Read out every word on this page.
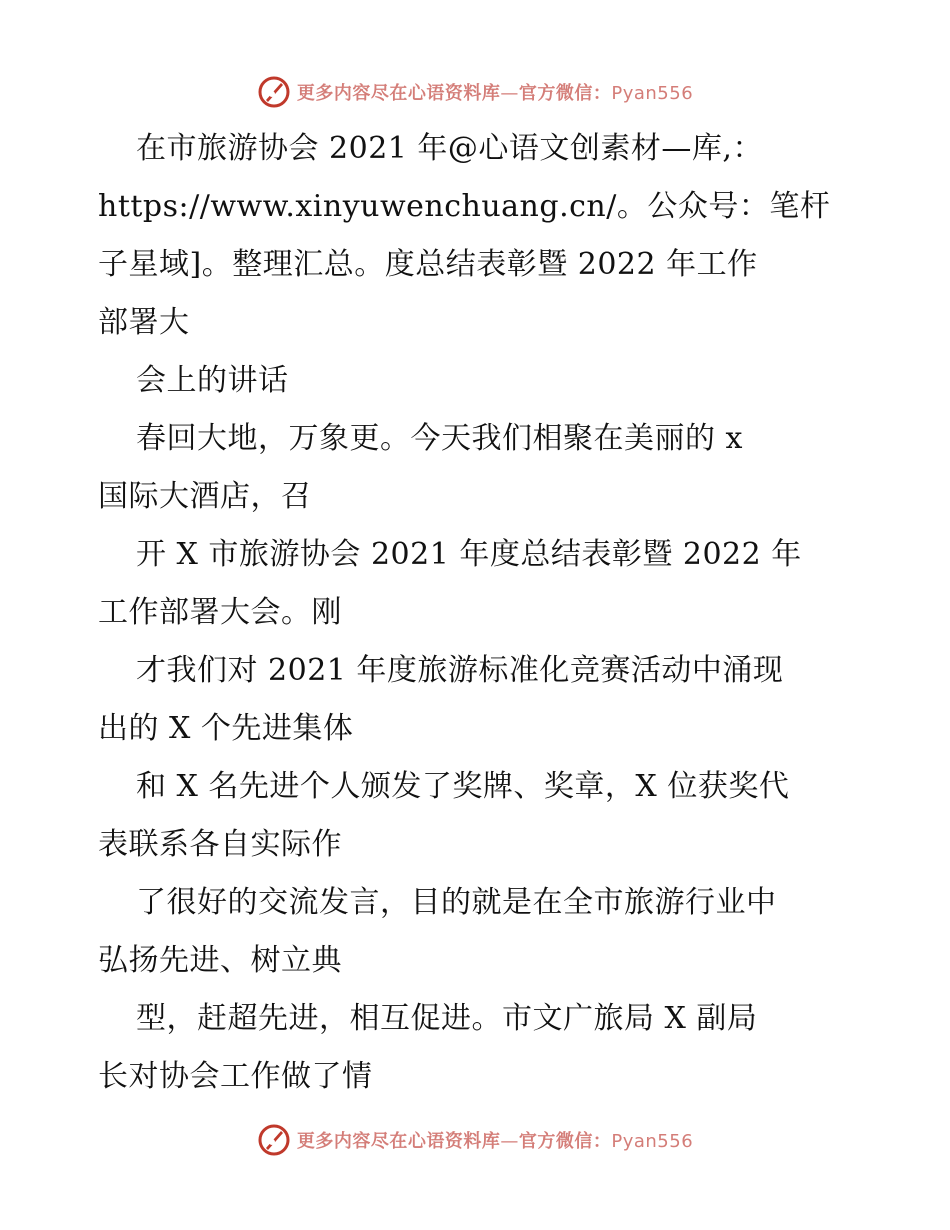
更多内容尽在心语资料库—官方微信：Pyan556
在市旅游协会 2021 年@心语文创素材—库,：
https://www.xinyuwenchuang.cn/。公众号：笔杆
子星域]。整理汇总。度总结表彰暨 2022 年工作
部署大
会上的讲话
春回大地，万象更。今天我们相聚在美丽的 x
国际大酒店，召
开 X 市旅游协会 2021 年度总结表彰暨 2022 年
工作部署大会。刚
才我们对 2021 年度旅游标准化竞赛活动中涌现
出的 X 个先进集体
和 X 名先进个人颁发了奖牌、奖章，X 位获奖代
表联系各自实际作
了很好的交流发言，目的就是在全市旅游行业中
弘扬先进、树立典
型，赶超先进，相互促进。市文广旅局 X 副局
长对协会工作做了情
更多内容尽在心语资料库—官方微信：Pyan556
